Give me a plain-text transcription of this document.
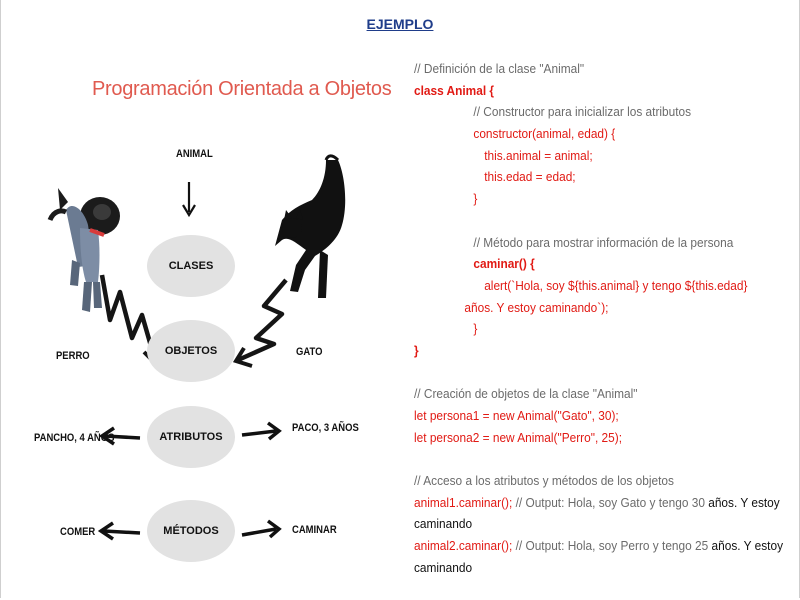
EJEMPLO
Programación Orientada a Objetos
ANIMAL
PERRO	GATO
PANCHO, 4 AÑOS
PACO, 3 AÑOS
COMER	CAMINAR
CLASES
OBJETOS
ATRIBUTOS
MÉTODOS
// Definición de la clase "Animal"
class Animal {
// Constructor para inicializar los atributos
constructor(animal, edad) {
this.animal = animal;
this.edad = edad;
}
// Método para mostrar información de la persona
caminar() {
alert(`Hola, soy ${this.animal} y tengo ${this.edad}
años. Y estoy caminando`);
}
}
// Creación de objetos de la clase "Animal"
let persona1 = new Animal("Gato", 30);
let persona2 = new Animal("Perro", 25);
// Acceso a los atributos y métodos de los objetos
animal1.caminar(); // Output: Hola, soy Gato y tengo 30 años. Y estoy
caminando
animal2.caminar(); // Output: Hola, soy Perro y tengo 25 años. Y estoy
caminando
